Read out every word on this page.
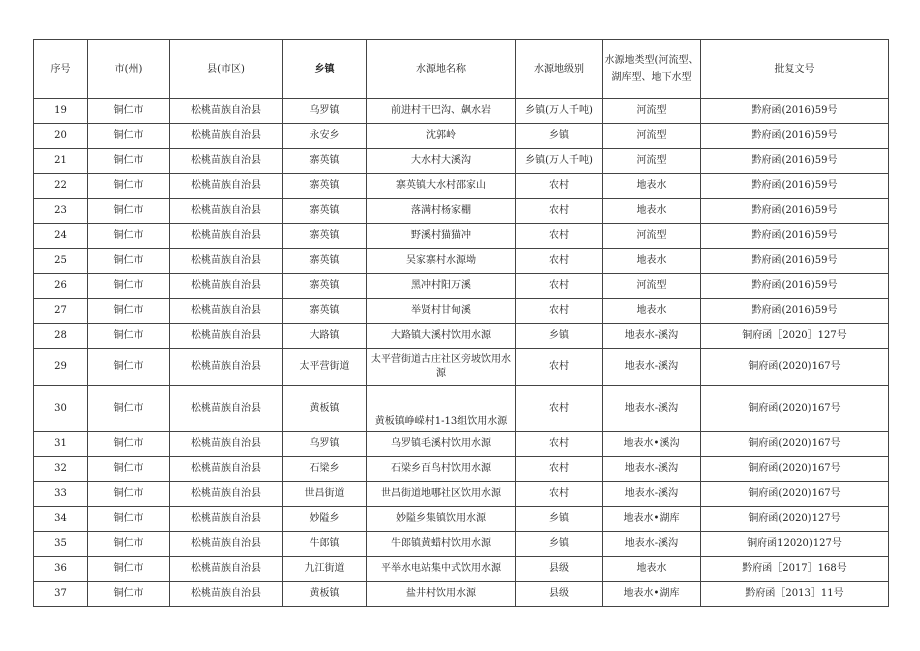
序号	市(州)	县(市区)	乡镇	水源地名称	水源地级别	水源地类型(河流型、湖库型、地下水型	批复文号
19	铜仁市	松桃苗族自治县	乌罗镇	前进村干巴沟、飙水岩	乡镇(万人千吨)	河流型	黔府函(2016)59号
20	铜仁市	松桃苗族自治县	永安乡	沈郭岭	乡镇	河流型	黔府函(2016)59号
21	铜仁市	松桃苗族自治县	寨英镇	大水村大溪沟	乡镇(万人千吨)	河流型	黔府函(2016)59号
22	铜仁市	松桃苗族自治县	寨英镇	寨英镇大水村邵家山	农村	地表水	黔府函(2016)59号
23	铜仁市	松桃苗族自治县	寨英镇	落满村杨家棚	农村	地表水	黔府函(2016)59号
24	铜仁市	松桃苗族自治县	寨英镇	野溪村猫猫冲	农村	河流型	黔府函(2016)59号
25	铜仁市	松桃苗族自治县	寨英镇	吴家寨村水源坳	农村	地表水	黔府函(2016)59号
26	铜仁市	松桃苗族自治县	寨英镇	黑冲村阳万溪	农村	河流型	黔府函(2016)59号
27	铜仁市	松桃苗族自治县	寨英镇	举贤村甘甸溪	农村	地表水	黔府函(2016)59号
28	铜仁市	松桃苗族自治县	大路镇	大路镇大溪村饮用水源	乡镇	地表水-溪沟	铜府函［2020］127号
29	铜仁市	松桃苗族自治县	太平营街道	太平营街道古庄社区旁坡饮用水源	农村	地表水-溪沟	铜府函(2020)167号
30	铜仁市	松桃苗族自治县	黄板镇	黄板镇峥嵘村1-13组饮用水源	农村	地表水-溪沟	铜府函(2020)167号
31	铜仁市	松桃苗族自治县	乌罗镇	乌罗镇毛溪村饮用水源	农村	地表水•溪沟	铜府函(2020)167号
32	铜仁市	松桃苗族自治县	石梁乡	石梁乡百鸟村饮用水源	农村	地表水-溪沟	铜府函(2020)167号
33	铜仁市	松桃苗族自治县	世昌街道	世昌街道地哪社区饮用水源	农村	地表水-溪沟	铜府函(2020)167号
34	铜仁市	松桃苗族自治县	妙隘乡	妙隘乡集镇饮用水源	乡镇	地表水•湖库	铜府函(2020)127号
35	铜仁市	松桃苗族自治县	牛郎镇	牛郎镇黄蜡村饮用水源	乡镇	地表水-溪沟	铜府函12020)127号
36	铜仁市	松桃苗族自治县	九江街道	平举水电站集中式饮用水源	县级	地表水	黔府函［2017］168号
37	铜仁市	松桃苗族自治县	黄板镇	盐井村饮用水源	县级	地表水•湖库	黔府函［2013］11号
